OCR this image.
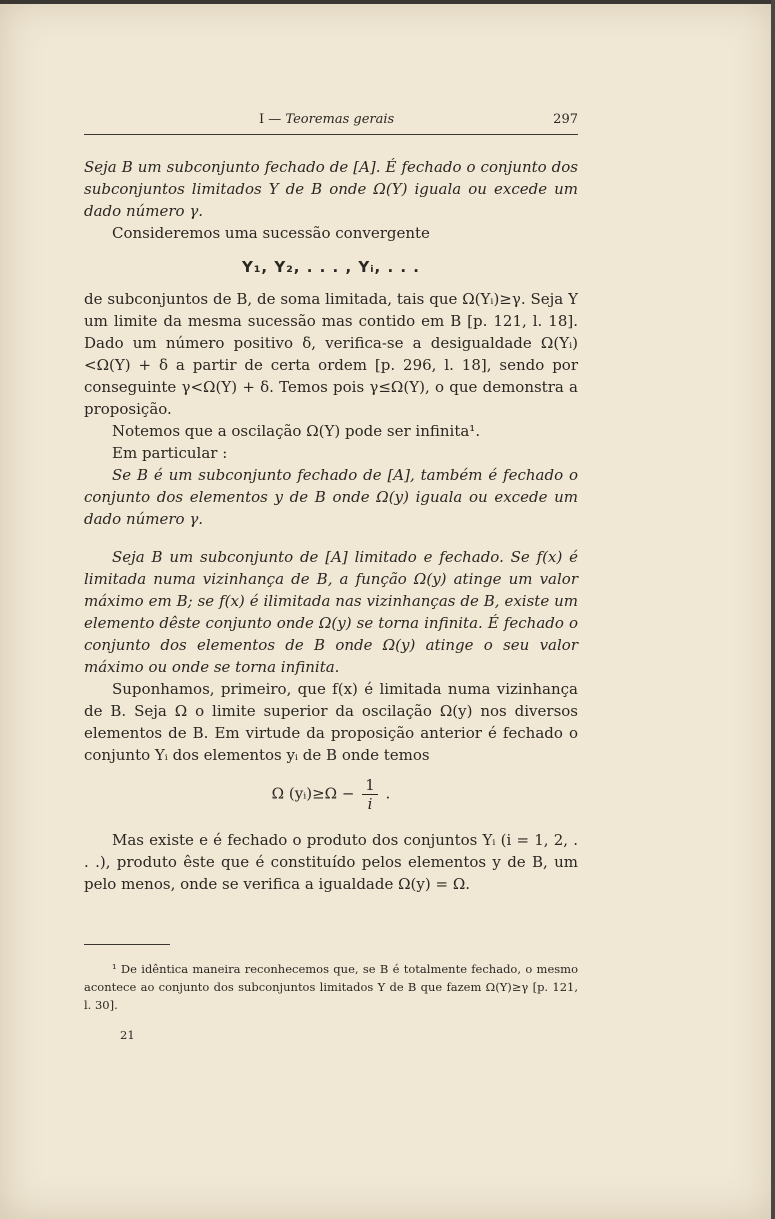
I — Teoremas gerais	297

Seja B um subconjunto fechado de [A]. É fechado o conjunto dos subconjuntos limitados Y de B onde Ω(Y) iguala ou excede um dado número γ.

Consideremos uma sucessão convergente

Y₁, Y₂, . . . , Yᵢ, . . .

de subconjuntos de B, de soma limitada, tais que Ω(Yᵢ)≥γ. Seja Y um limite da mesma sucessão mas contido em B [p. 121, l. 18]. Dado um número positivo δ, verifica-se a desigualdade Ω(Yᵢ)<Ω(Y) + δ a partir de certa ordem [p. 296, l. 18], sendo por conseguinte γ<Ω(Y) + δ. Temos pois γ≤Ω(Y), o que demonstra a proposição.

Notemos que a oscilação Ω(Y) pode ser infinita¹.

Em particular :

Se B é um subconjunto fechado de [A], também é fechado o conjunto dos elementos y de B onde Ω(y) iguala ou excede um dado número γ.

Seja B um subconjunto de [A] limitado e fechado. Se f(x) é limitada numa vizinhança de B, a função Ω(y) atinge um valor máximo em B; se f(x) é ilimitada nas vizinhanças de B, existe um elemento dêste conjunto onde Ω(y) se torna infinita. É fechado o conjunto dos elementos de B onde Ω(y) atinge o seu valor máximo ou onde se torna infinita.

Suponhamos, primeiro, que f(x) é limitada numa vizinhança de B. Seja Ω o limite superior da oscilação Ω(y) nos diversos elementos de B. Em virtude da proposição anterior é fechado o conjunto Yᵢ dos elementos yᵢ de B onde temos

Ω (yᵢ)≥Ω − $\frac{1}{i}$ .

Mas existe e é fechado o produto dos conjuntos Yᵢ (i = 1, 2, . . .), produto êste que é constituído pelos elementos y de B, um pelo menos, onde se verifica a igualdade Ω(y) = Ω.

¹ De idêntica maneira reconhecemos que, se B é totalmente fechado, o mesmo acontece ao conjunto dos subconjuntos limitados Y de B que fazem Ω(Y)≥γ [p. 121, l. 30].

21
